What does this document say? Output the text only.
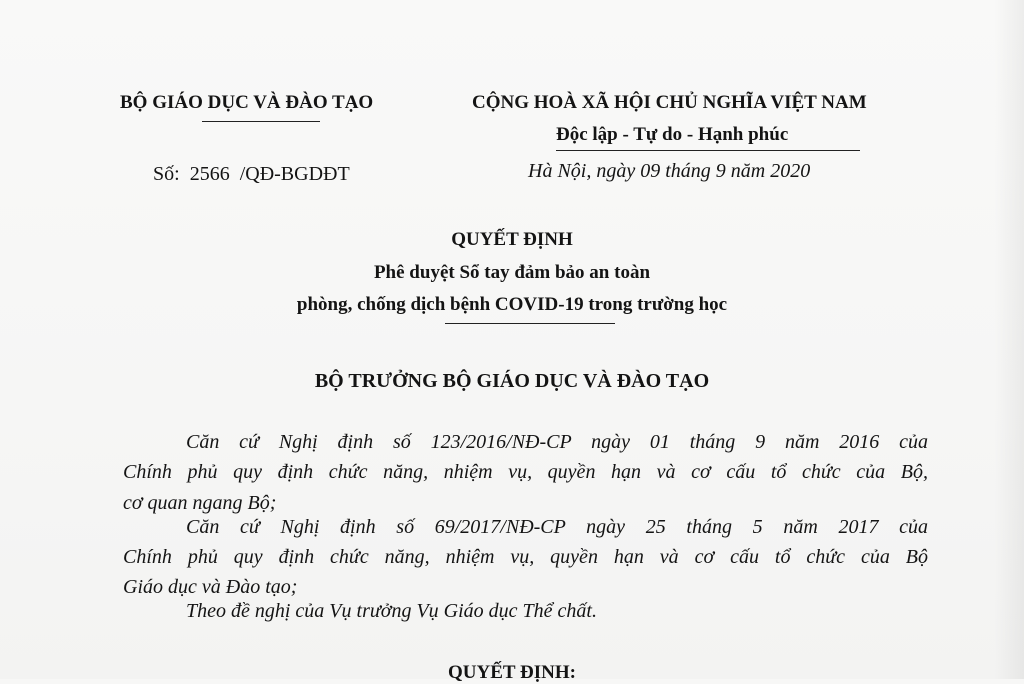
BỘ GIÁO DỤC VÀ ĐÀO TẠO	CỘNG HOÀ XÃ HỘI CHỦ NGHĨA VIỆT NAM
Độc lập - Tự do - Hạnh phúc
Số: 2566 /QĐ-BGDĐT	Hà Nội, ngày 09 tháng 9 năm 2020
QUYẾT ĐỊNH
Phê duyệt Sổ tay đảm bảo an toàn
phòng, chống dịch bệnh COVID-19 trong trường học
BỘ TRƯỞNG BỘ GIÁO DỤC VÀ ĐÀO TẠO
Căn cứ Nghị định số 123/2016/NĐ-CP ngày 01 tháng 9 năm 2016 của
Chính phủ quy định chức năng, nhiệm vụ, quyền hạn và cơ cấu tổ chức của Bộ,
cơ quan ngang Bộ;
Căn cứ Nghị định số 69/2017/NĐ-CP ngày 25 tháng 5 năm 2017 của
Chính phủ quy định chức năng, nhiệm vụ, quyền hạn và cơ cấu tổ chức của Bộ
Giáo dục và Đào tạo;
Theo đề nghị của Vụ trưởng Vụ Giáo dục Thể chất.
QUYẾT ĐỊNH:
